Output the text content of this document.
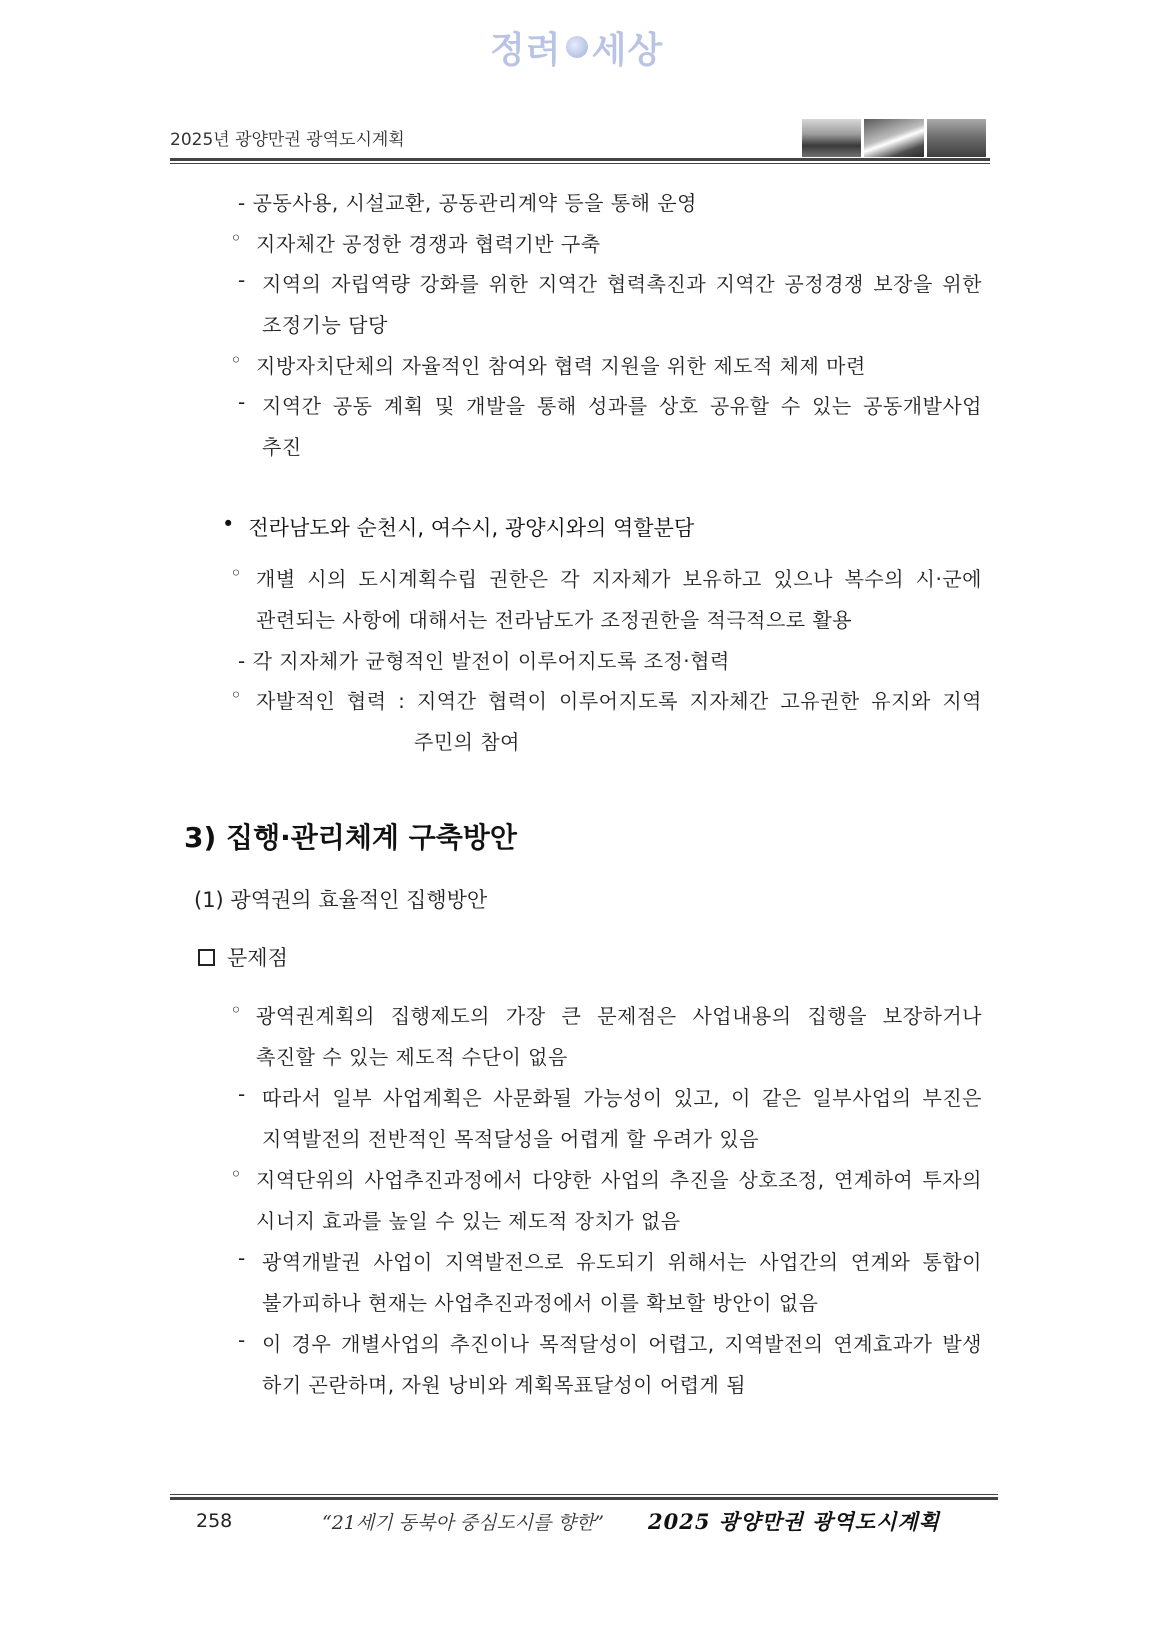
정려 세상
2025년 광양만권 광역도시계획
- 공동사용, 시설교환, 공동관리계약 등을 통해 운영
◦ 지자체간 공정한 경쟁과 협력기반 구축
- 지역의 자립역량 강화를 위한 지역간 협력촉진과 지역간 공정경쟁 보장을 위한
조정기능 담당
◦ 지방자치단체의 자율적인 참여와 협력 지원을 위한 제도적 체제 마련
- 지역간 공동 계획 및 개발을 통해 성과를 상호 공유할 수 있는 공동개발사업
추진
• 전라남도와 순천시, 여수시, 광양시와의 역할분담
◦ 개별 시의 도시계획수립 권한은 각 지자체가 보유하고 있으나 복수의 시·군에
관련되는 사항에 대해서는 전라남도가 조정권한을 적극적으로 활용
- 각 지자체가 균형적인 발전이 이루어지도록 조정·협력
◦ 자발적인 협력 : 지역간 협력이 이루어지도록 지자체간 고유권한 유지와 지역
주민의 참여
3) 집행·관리체계 구축방안
(1) 광역권의 효율적인 집행방안
문제점
◦ 광역권계획의 집행제도의 가장 큰 문제점은 사업내용의 집행을 보장하거나
촉진할 수 있는 제도적 수단이 없음
- 따라서 일부 사업계획은 사문화될 가능성이 있고, 이 같은 일부사업의 부진은
지역발전의 전반적인 목적달성을 어렵게 할 우려가 있음
◦ 지역단위의 사업추진과정에서 다양한 사업의 추진을 상호조정, 연계하여 투자의
시너지 효과를 높일 수 있는 제도적 장치가 없음
- 광역개발권 사업이 지역발전으로 유도되기 위해서는 사업간의 연계와 통합이
불가피하나 현재는 사업추진과정에서 이를 확보할 방안이 없음
- 이 경우 개별사업의 추진이나 목적달성이 어렵고, 지역발전의 연계효과가 발생
하기 곤란하며, 자원 낭비와 계획목표달성이 어렵게 됨
258	“21세기 동북아 중심도시를 향한” 2025 광양만권 광역도시계획
